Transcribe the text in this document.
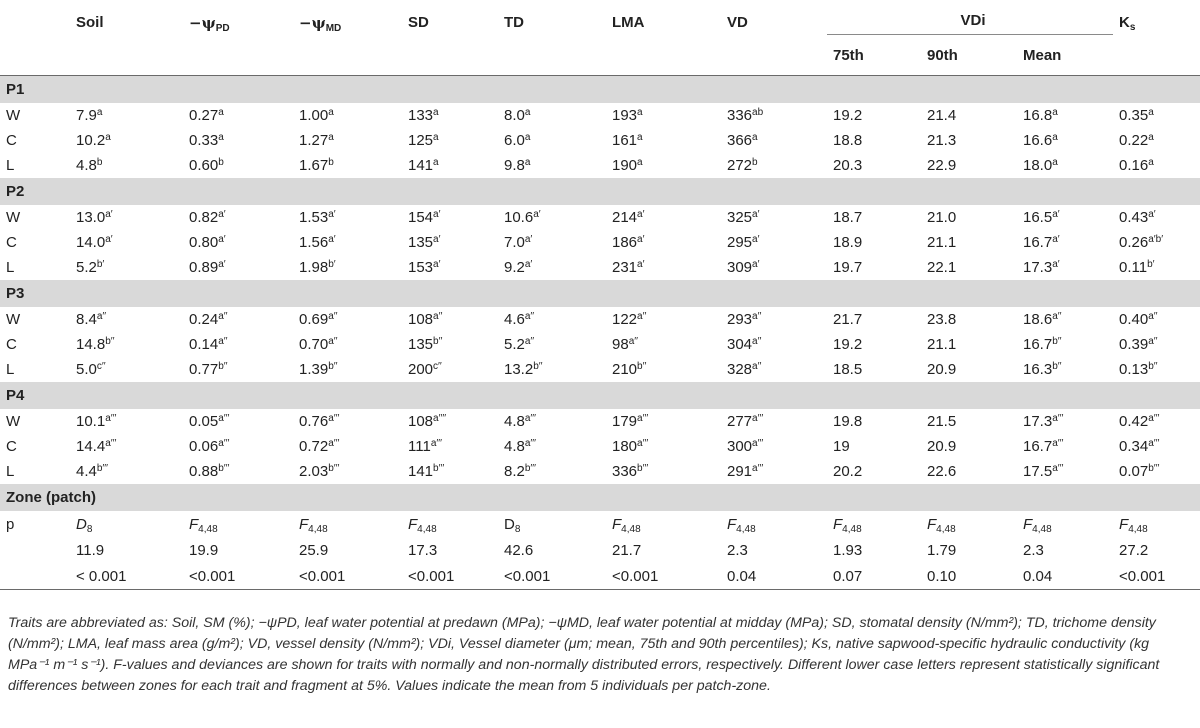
	Soil	$-\psi_{PD}$	$-\psi_{MD}$	SD	TD	LMA	VD	VDi			$K_s$
								75th	90th	Mean	
P1											
W	7.9$^a$	0.27$^a$	1.00$^a$	133$^a$	8.0$^a$	193$^a$	$336^{ab}$	19.2	21.4	16.8$^a$	0.35$^a$
C	10.2$^a$	0.33$^a$	1.27$^a$	125$^a$	6.0$^a$	161$^a$	366$^a$	18.8	21.3	16.6$^a$	0.22$^a$
L	4.8$^b$	0.60$^b$	1.67$^b$	141$^a$	9.8$^a$	190$^a$	272$^b$	20.3	22.9	18.0$^a$	0.16$^a$
P2											
W	$13.0^{a'}$	$0.82^{a'}$	$1.53^{a'}$	$154^{a'}$	$10.6^{a'}$	$214^{a'}$	$325^{a'}$	18.7	21.0	$16.5^{a'}$	$0.43^{a'}$
C	$14.0^{a'}$	$0.80^{a'}$	$1.56^{a'}$	$135^{a'}$	$7.0^{a'}$	$186^{a'}$	$295^{a'}$	18.9	21.1	$16.7^{a'}$	$0.26^{a'b'}$
L	$5.2^{b'}$	$0.89^{a'}$	$1.98^{b'}$	$153^{a'}$	$9.2^{a'}$	$231^{a'}$	$309^{a'}$	19.7	22.1	$17.3^{a'}$	$0.11^{b'}$
P3											
W	$8.4^{a''}$	$0.24^{a''}$	$0.69^{a''}$	$108^{a''}$	$4.6^{a''}$	$122^{a''}$	$293^{a''}$	21.7	23.8	$18.6^{a''}$	$0.40^{a''}$
C	$14.8^{b''}$	$0.14^{a''}$	$0.70^{a''}$	$135^{b''}$	$5.2^{a''}$	$98^{a''}$	$304^{a''}$	19.2	21.1	$16.7^{b''}$	$0.39^{a''}$
L	$5.0^{c''}$	$0.77^{b''}$	$1.39^{b''}$	$200^{c''}$	$13.2^{b''}$	$210^{b''}$	$328^{a''}$	18.5	20.9	$16.3^{b''}$	$0.13^{b''}$
P4											
W	$10.1^{a'''}$	$0.05^{a'''}$	$0.76^{a'''}$	$108^{a''''}$	$4.8^{a'''}$	$179^{a'''}$	$277^{a'''}$	19.8	21.5	$17.3^{a'''}$	$0.42^{a'''}$
C	$14.4^{a'''}$	$0.06^{a'''}$	$0.72^{a'''}$	$111^{a'''}$	$4.8^{a'''}$	$180^{a'''}$	$300^{a'''}$	19	20.9	$16.7^{a'''}$	$0.34^{a'''}$
L	$4.4^{b'''}$	$0.88^{b'''}$	$2.03^{b'''}$	$141^{b'''}$	$8.2^{b'''}$	$336^{b'''}$	$291^{a'''}$	20.2	22.6	$17.5^{a'''}$	$0.07^{b'''}$
Zone (patch)											
p	$D_8$	$F_{4,48}$	$F_{4,48}$	$F_{4,48}$	$D_8$	$F_{4,48}$	$F_{4,48}$	$F_{4,48}$	$F_{4,48}$	$F_{4,48}$	$F_{4,48}$
	11.9	19.9	25.9	17.3	42.6	21.7	2.3	1.93	1.79	2.3	27.2
	< 0.001	<0.001	<0.001	<0.001	<0.001	<0.001	0.04	0.07	0.10	0.04	<0.001
Traits are abbreviated as: Soil, SM (%); −ψPD, leaf water potential at predawn (MPa); −ψMD, leaf water potential at midday (MPa); SD, stomatal density (N/mm²); TD, trichome density (N/mm²); LMA, leaf mass area (g/m²); VD, vessel density (N/mm²); VDi, Vessel diameter (μm; mean, 75th and 90th percentiles); Ks, native sapwood-specific hydraulic conductivity (kg MPa⁻¹ m⁻¹ s⁻¹). F-values and deviances are shown for traits with normally and non-normally distributed errors, respectively. Different lower case letters represent statistically significant differences between zones for each trait and fragment at 5%. Values indicate the mean from 5 individuals per patch-zone.
